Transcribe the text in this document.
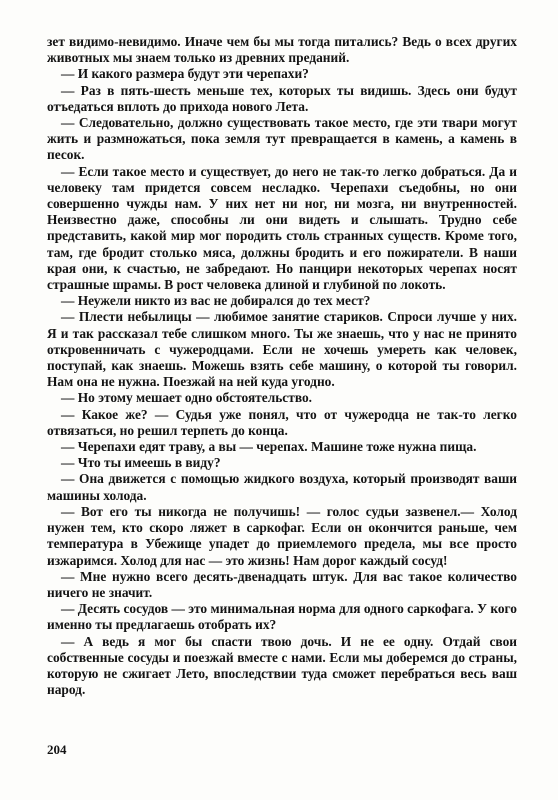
зет видимо-невидимо. Иначе чем бы мы тогда питались? Ведь о всех других животных мы знаем только из древних преданий.

— И какого размера будут эти черепахи?

— Раз в пять-шесть меньше тех, которых ты видишь. Здесь они будут отъедаться вплоть до прихода нового Лета.

— Следовательно, должно существовать такое место, где эти твари могут жить и размножаться, пока земля тут превращается в камень, а камень в песок.

— Если такое место и существует, до него не так-то легко добраться. Да и человеку там придется совсем несладко. Черепахи съедобны, но они совершенно чужды нам. У них нет ни ног, ни мозга, ни внутренностей. Неизвестно даже, способны ли они видеть и слышать. Трудно себе представить, какой мир мог породить столь странных существ. Кроме того, там, где бродит столько мяса, должны бродить и его пожиратели. В наши края они, к счастью, не забредают. Но панцири некоторых черепах носят страшные шрамы. В рост человека длиной и глубиной по локоть.

— Неужели никто из вас не добирался до тех мест?

— Плести небылицы — любимое занятие стариков. Спроси лучше у них. Я и так рассказал тебе слишком много. Ты же знаешь, что у нас не принято откровенничать с чужеродцами. Если не хочешь умереть как человек, поступай, как знаешь. Можешь взять себе машину, о которой ты говорил. Нам она не нужна. Поезжай на ней куда угодно.

— Но этому мешает одно обстоятельство.

— Какое же? — Судья уже понял, что от чужеродца не так-то легко отвязаться, но решил терпеть до конца.

— Черепахи едят траву, а вы — черепах. Машине тоже нужна пища.

— Что ты имеешь в виду?

— Она движется с помощью жидкого воздуха, который производят ваши машины холода.

— Вот его ты никогда не получишь! — голос судьи зазвенел.— Холод нужен тем, кто скоро ляжет в саркофаг. Если он окончится раньше, чем температура в Убежище упадет до приемлемого предела, мы все просто изжаримся. Холод для нас — это жизнь! Нам дорог каждый сосуд!

— Мне нужно всего десять-двенадцать штук. Для вас такое количество ничего не значит.

— Десять сосудов — это минимальная норма для одного саркофага. У кого именно ты предлагаешь отобрать их?

— А ведь я мог бы спасти твою дочь. И не ее одну. Отдай свои собственные сосуды и поезжай вместе с нами. Если мы доберемся до страны, которую не сжигает Лето, впоследствии туда сможет перебраться весь ваш народ.

204
